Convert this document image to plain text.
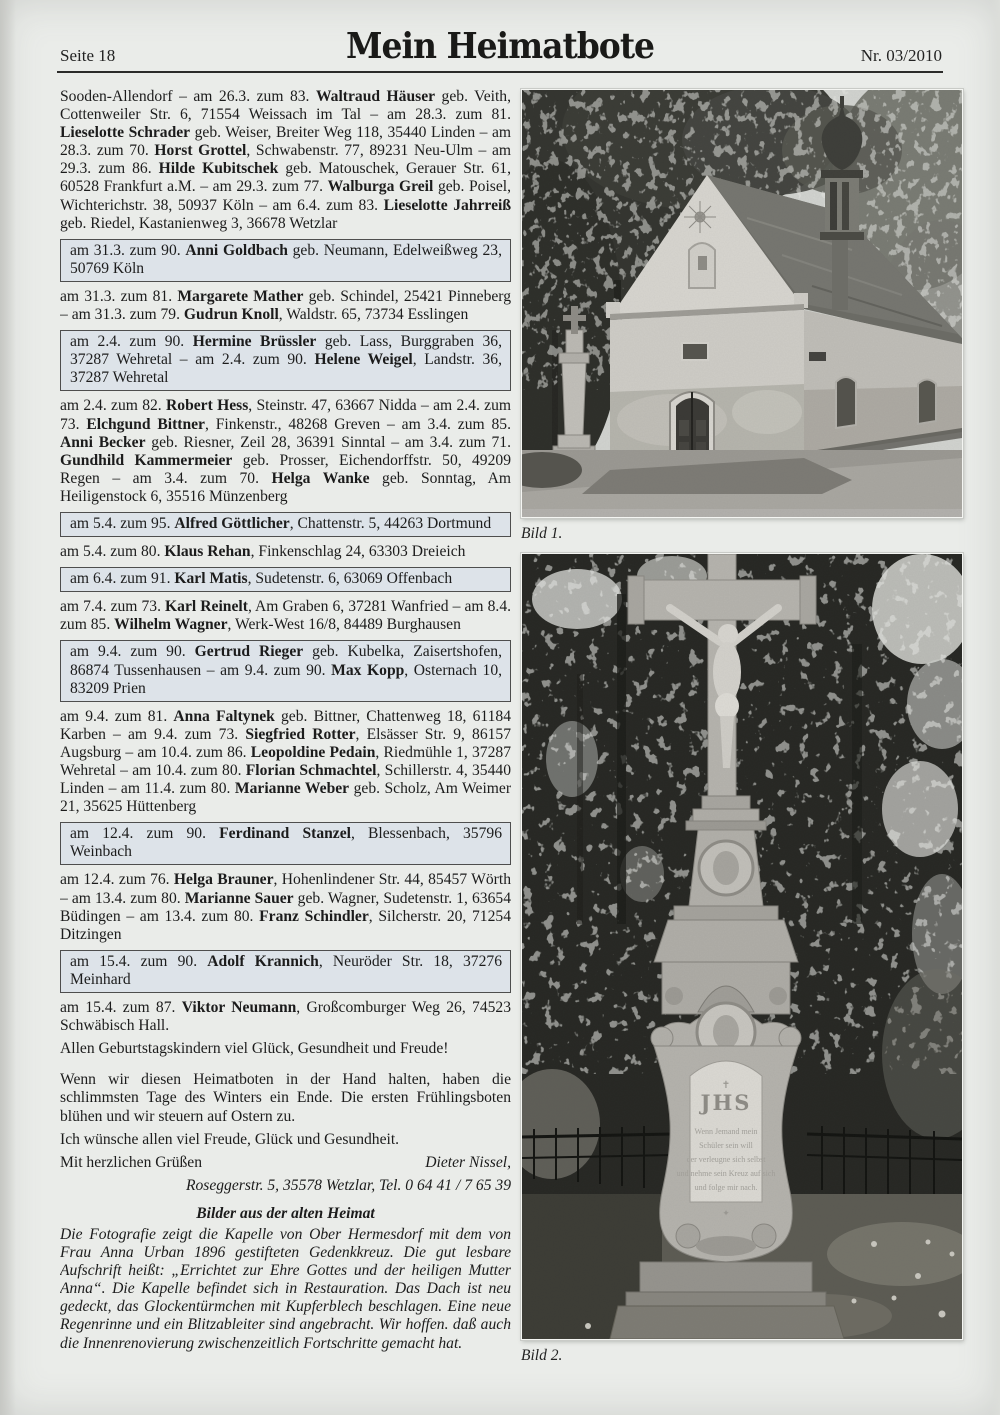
Seite 18	Mein Heimatbote	Nr. 03/2010
Sooden-Allendorf – am 26.3. zum 83. Waltraud Häuser geb. Veith, Cottenweiler Str. 6, 71554 Weissach im Tal – am 28.3. zum 81. Lieselotte Schrader geb. Weiser, Breiter Weg 118, 35440 Linden – am 28.3. zum 70. Horst Grottel, Schwabenstr. 77, 89231 Neu-Ulm – am 29.3. zum 86. Hilde Kubitschek geb. Matouschek, Gerauer Str. 61, 60528 Frankfurt a.M. – am 29.3. zum 77. Walburga Greil geb. Poisel, Wichterichstr. 38, 50937 Köln – am 6.4. zum 83. Lieselotte Jahrreiß geb. Riedel, Kastanienweg 3, 36678 Wetzlar
am 31.3. zum 90. Anni Goldbach geb. Neumann, Edelweißweg 23, 50769 Köln
am 31.3. zum 81. Margarete Mather geb. Schindel, 25421 Pinneberg – am 31.3. zum 79. Gudrun Knoll, Waldstr. 65, 73734 Esslingen
am 2.4. zum 90. Hermine Brüssler geb. Lass, Burggraben 36, 37287 Wehretal – am 2.4. zum 90. Helene Weigel, Landstr. 36, 37287 Wehretal
am 2.4. zum 82. Robert Hess, Steinstr. 47, 63667 Nidda – am 2.4. zum 73. Elchgund Bittner, Finkenstr., 48268 Greven – am 3.4. zum 85. Anni Becker geb. Riesner, Zeil 28, 36391 Sinntal – am 3.4. zum 71. Gundhild Kammermeier geb. Prosser, Eichendorffstr. 50, 49209 Regen – am 3.4. zum 70. Helga Wanke geb. Sonntag, Am Heiligenstock 6, 35516 Münzenberg
am 5.4. zum 95. Alfred Göttlicher, Chattenstr. 5, 44263 Dortmund
am 5.4. zum 80. Klaus Rehan, Finkenschlag 24, 63303 Dreieich
am 6.4. zum 91. Karl Matis, Sudetenstr. 6, 63069 Offenbach
am 7.4. zum 73. Karl Reinelt, Am Graben 6, 37281 Wanfried – am 8.4. zum 85. Wilhelm Wagner, Werk-West 16/8, 84489 Burghausen
am 9.4. zum 90. Gertrud Rieger geb. Kubelka, Zaisertshofen, 86874 Tussenhausen – am 9.4. zum 90. Max Kopp, Osternach 10, 83209 Prien
am 9.4. zum 81. Anna Faltynek geb. Bittner, Chattenweg 18, 61184 Karben – am 9.4. zum 73. Siegfried Rotter, Elsässer Str. 9, 86157 Augsburg – am 10.4. zum 86. Leopoldine Pedain, Riedmühle 1, 37287 Wehretal – am 10.4. zum 80. Florian Schmachtel, Schillerstr. 4, 35440 Linden – am 11.4. zum 80. Marianne Weber geb. Scholz, Am Weimer 21, 35625 Hüttenberg
am 12.4. zum 90. Ferdinand Stanzel, Blessenbach, 35796 Weinbach
am 12.4. zum 76. Helga Brauner, Hohenlindener Str. 44, 85457 Wörth – am 13.4. zum 80. Marianne Sauer geb. Wagner, Sudetenstr. 1, 63654 Büdingen – am 13.4. zum 80. Franz Schindler, Silcherstr. 20, 71254 Ditzingen
am 15.4. zum 90. Adolf Krannich, Neuröder Str. 18, 37276 Meinhard
am 15.4. zum 87. Viktor Neumann, Großcomburger Weg 26, 74523 Schwäbisch Hall.
Allen Geburtstagskindern viel Glück, Gesundheit und Freude!
Wenn wir diesen Heimatboten in der Hand halten, haben die schlimmsten Tage des Winters ein Ende. Die ersten Frühlingsboten blühen und wir steuern auf Ostern zu.
Ich wünsche allen viel Freude, Glück und Gesundheit.
Mit herzlichen Grüßen	Dieter Nissel,
Roseggerstr. 5, 35578 Wetzlar, Tel. 0 64 41 / 7 65 39
Bilder aus der alten Heimat
Die Fotografie zeigt die Kapelle von Ober Hermesdorf mit dem von Frau Anna Urban 1896 gestifteten Gedenkkreuz. Die gut lesbare Aufschrift heißt: „Errichtet zur Ehre Gottes und der heiligen Mutter Anna“. Die Kapelle befindet sich in Restauration. Das Dach ist neu gedeckt, das Glockentürmchen mit Kupferblech beschlagen. Eine neue Regenrinne und ein Blitzableiter sind angebracht. Wir hoffen. daß auch die Innenrenovierung zwischenzeitlich Fortschritte gemacht hat.
Bild 1.
JHS
✝
Wenn Jemand mein
Schüler sein will
der verleugne sich selbst
und nehme sein Kreuz auf sich
und folge mir nach.
✦
Bild 2.
